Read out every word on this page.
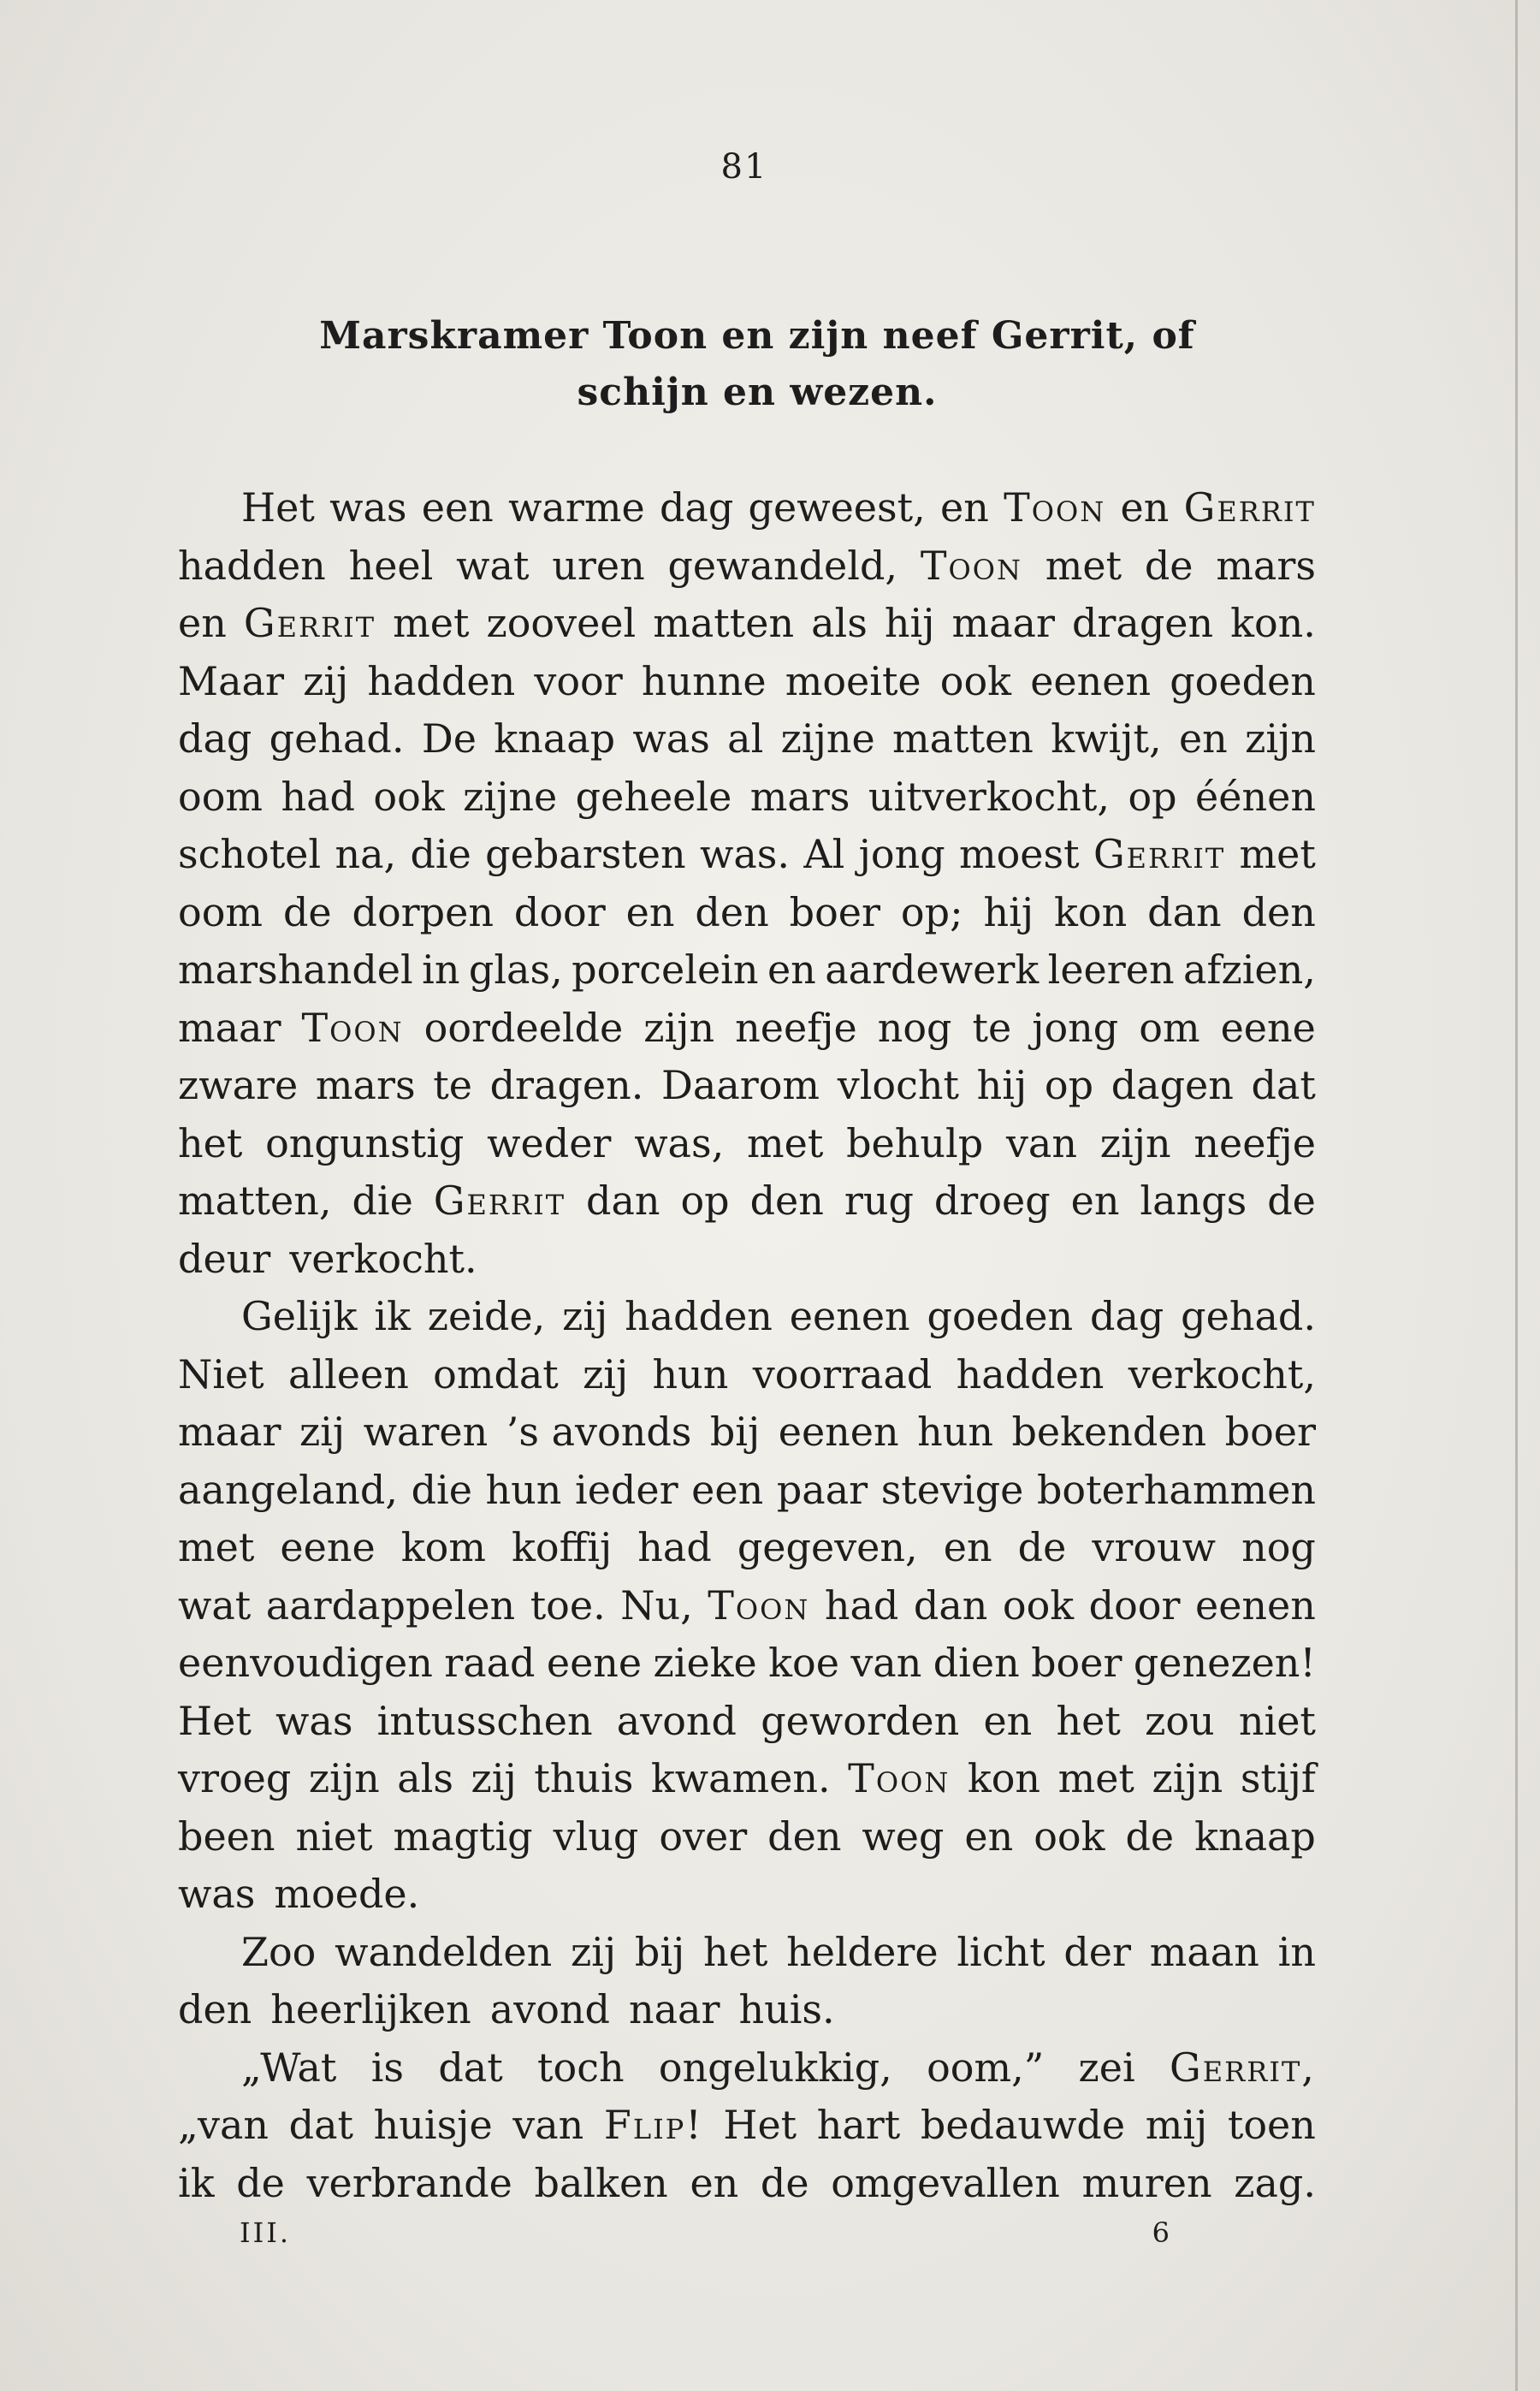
81
Marskramer Toon en zijn neef Gerrit, of
schijn en wezen.
Het was een warme dag geweest, en Toon en Gerrit
hadden heel wat uren gewandeld, Toon met de mars
en Gerrit met zooveel matten als hij maar dragen kon.
Maar zij hadden voor hunne moeite ook eenen goeden
dag gehad. De knaap was al zijne matten kwijt, en zijn
oom had ook zijne geheele mars uitverkocht, op éénen
schotel na, die gebarsten was. Al jong moest Gerrit met
oom de dorpen door en den boer op; hij kon dan den
marshandel in glas, porcelein en aardewerk leeren afzien,
maar Toon oordeelde zijn neefje nog te jong om eene
zware mars te dragen. Daarom vlocht hij op dagen dat
het ongunstig weder was, met behulp van zijn neefje
matten, die Gerrit dan op den rug droeg en langs de
deur verkocht.
Gelijk ik zeide, zij hadden eenen goeden dag gehad.
Niet alleen omdat zij hun voorraad hadden verkocht,
maar zij waren ’s avonds bij eenen hun bekenden boer
aangeland, die hun ieder een paar stevige boterhammen
met eene kom koffij had gegeven, en de vrouw nog
wat aardappelen toe. Nu, Toon had dan ook door eenen
eenvoudigen raad eene zieke koe van dien boer genezen!
Het was intusschen avond geworden en het zou niet
vroeg zijn als zij thuis kwamen. Toon kon met zijn stijf
been niet magtig vlug over den weg en ook de knaap
was moede.
Zoo wandelden zij bij het heldere licht der maan in
den heerlijken avond naar huis.
„Wat is dat toch ongelukkig, oom,” zei Gerrit,
„van dat huisje van Flip! Het hart bedauwde mij toen
ik de verbrande balken en de omgevallen muren zag.
III.	6
